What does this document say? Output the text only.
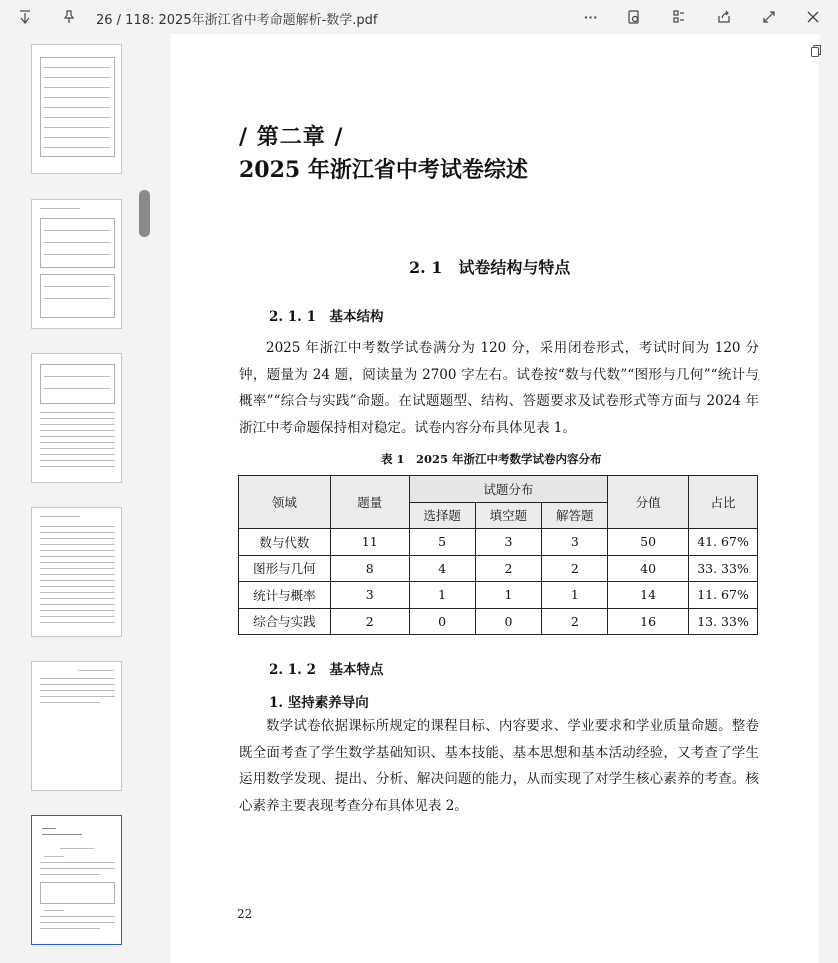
26 / 118: 2025年浙江省中考命题解析-数学.pdf	···
/ 第二章 /
2025 年浙江省中考试卷综述
2. 1　试卷结构与特点
2. 1. 1　基本结构
2025 年浙江中考数学试卷满分为 120 分，采用闭卷形式，考试时间为 120 分钟，题量为 24 题，阅读量为 2700 字左右。试卷按“数与代数”“图形与几何”“统计与概率”“综合与实践”命题。在试题题型、结构、答题要求及试卷形式等方面与 2024 年浙江中考命题保持相对稳定。试卷内容分布具体见表 1。
表 1　2025 年浙江中考数学试卷内容分布
领域	题量	试题分布			分值	占比
		选择题	填空题	解答题		
数与代数	11	5	3	3	50	41. 67%
图形与几何	8	4	2	2	40	33. 33%
统计与概率	3	1	1	1	14	11. 67%
综合与实践	2	0	0	2	16	13. 33%
2. 1. 2　基本特点
1. 坚持素养导向
数学试卷依据课标所规定的课程目标、内容要求、学业要求和学业质量命题。整卷既全面考查了学生数学基础知识、基本技能、基本思想和基本活动经验，又考查了学生运用数学发现、提出、分析、解决问题的能力，从而实现了对学生核心素养的考查。核心素养主要表现考查分布具体见表 2。
22
